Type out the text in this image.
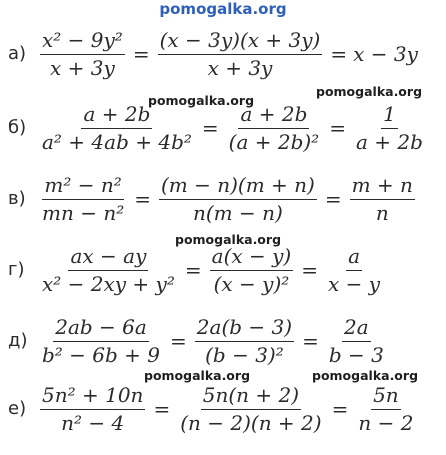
pomogalka.org
$а) \frac{\text{x² − 9y²}}{x + 3y} = \frac{(x - 3y)(x + 3y)}{x + 3y} = x - 3y$
pomogalka.org
pomogalka.org
$б) \frac{a + 2b}{\text{a² + 4ab + 4b²}} = \frac{a + 2b}{\text{(a + 2b)²}} = \frac{1}{a + 2b}$
$в) \frac{\text{m² − n²}}{\text{mn − n²}} = \frac{(m - n)(m + n)}{n(m - n)} = \frac{m + n}{n}$
pomogalka.org
$г) \frac{ax - ay}{\text{x² − 2xy + y²}} = \frac{a(x - y)}{\text{(x − y)²}} = \frac{a}{x - y}$
$д) \frac{2ab - 6a}{\text{b² − 6b + 9}} = \frac{2a(b - 3)}{\text{(b − 3)²}} = \frac{2a}{b - 3}$
pomogalka.org	pomogalka.org
$е) \frac{\text{5n² + 10n}}{\text{n² − 4}} = \frac{5n(n + 2)}{(n - 2)(n + 2)} = \frac{5n}{n - 2}$
